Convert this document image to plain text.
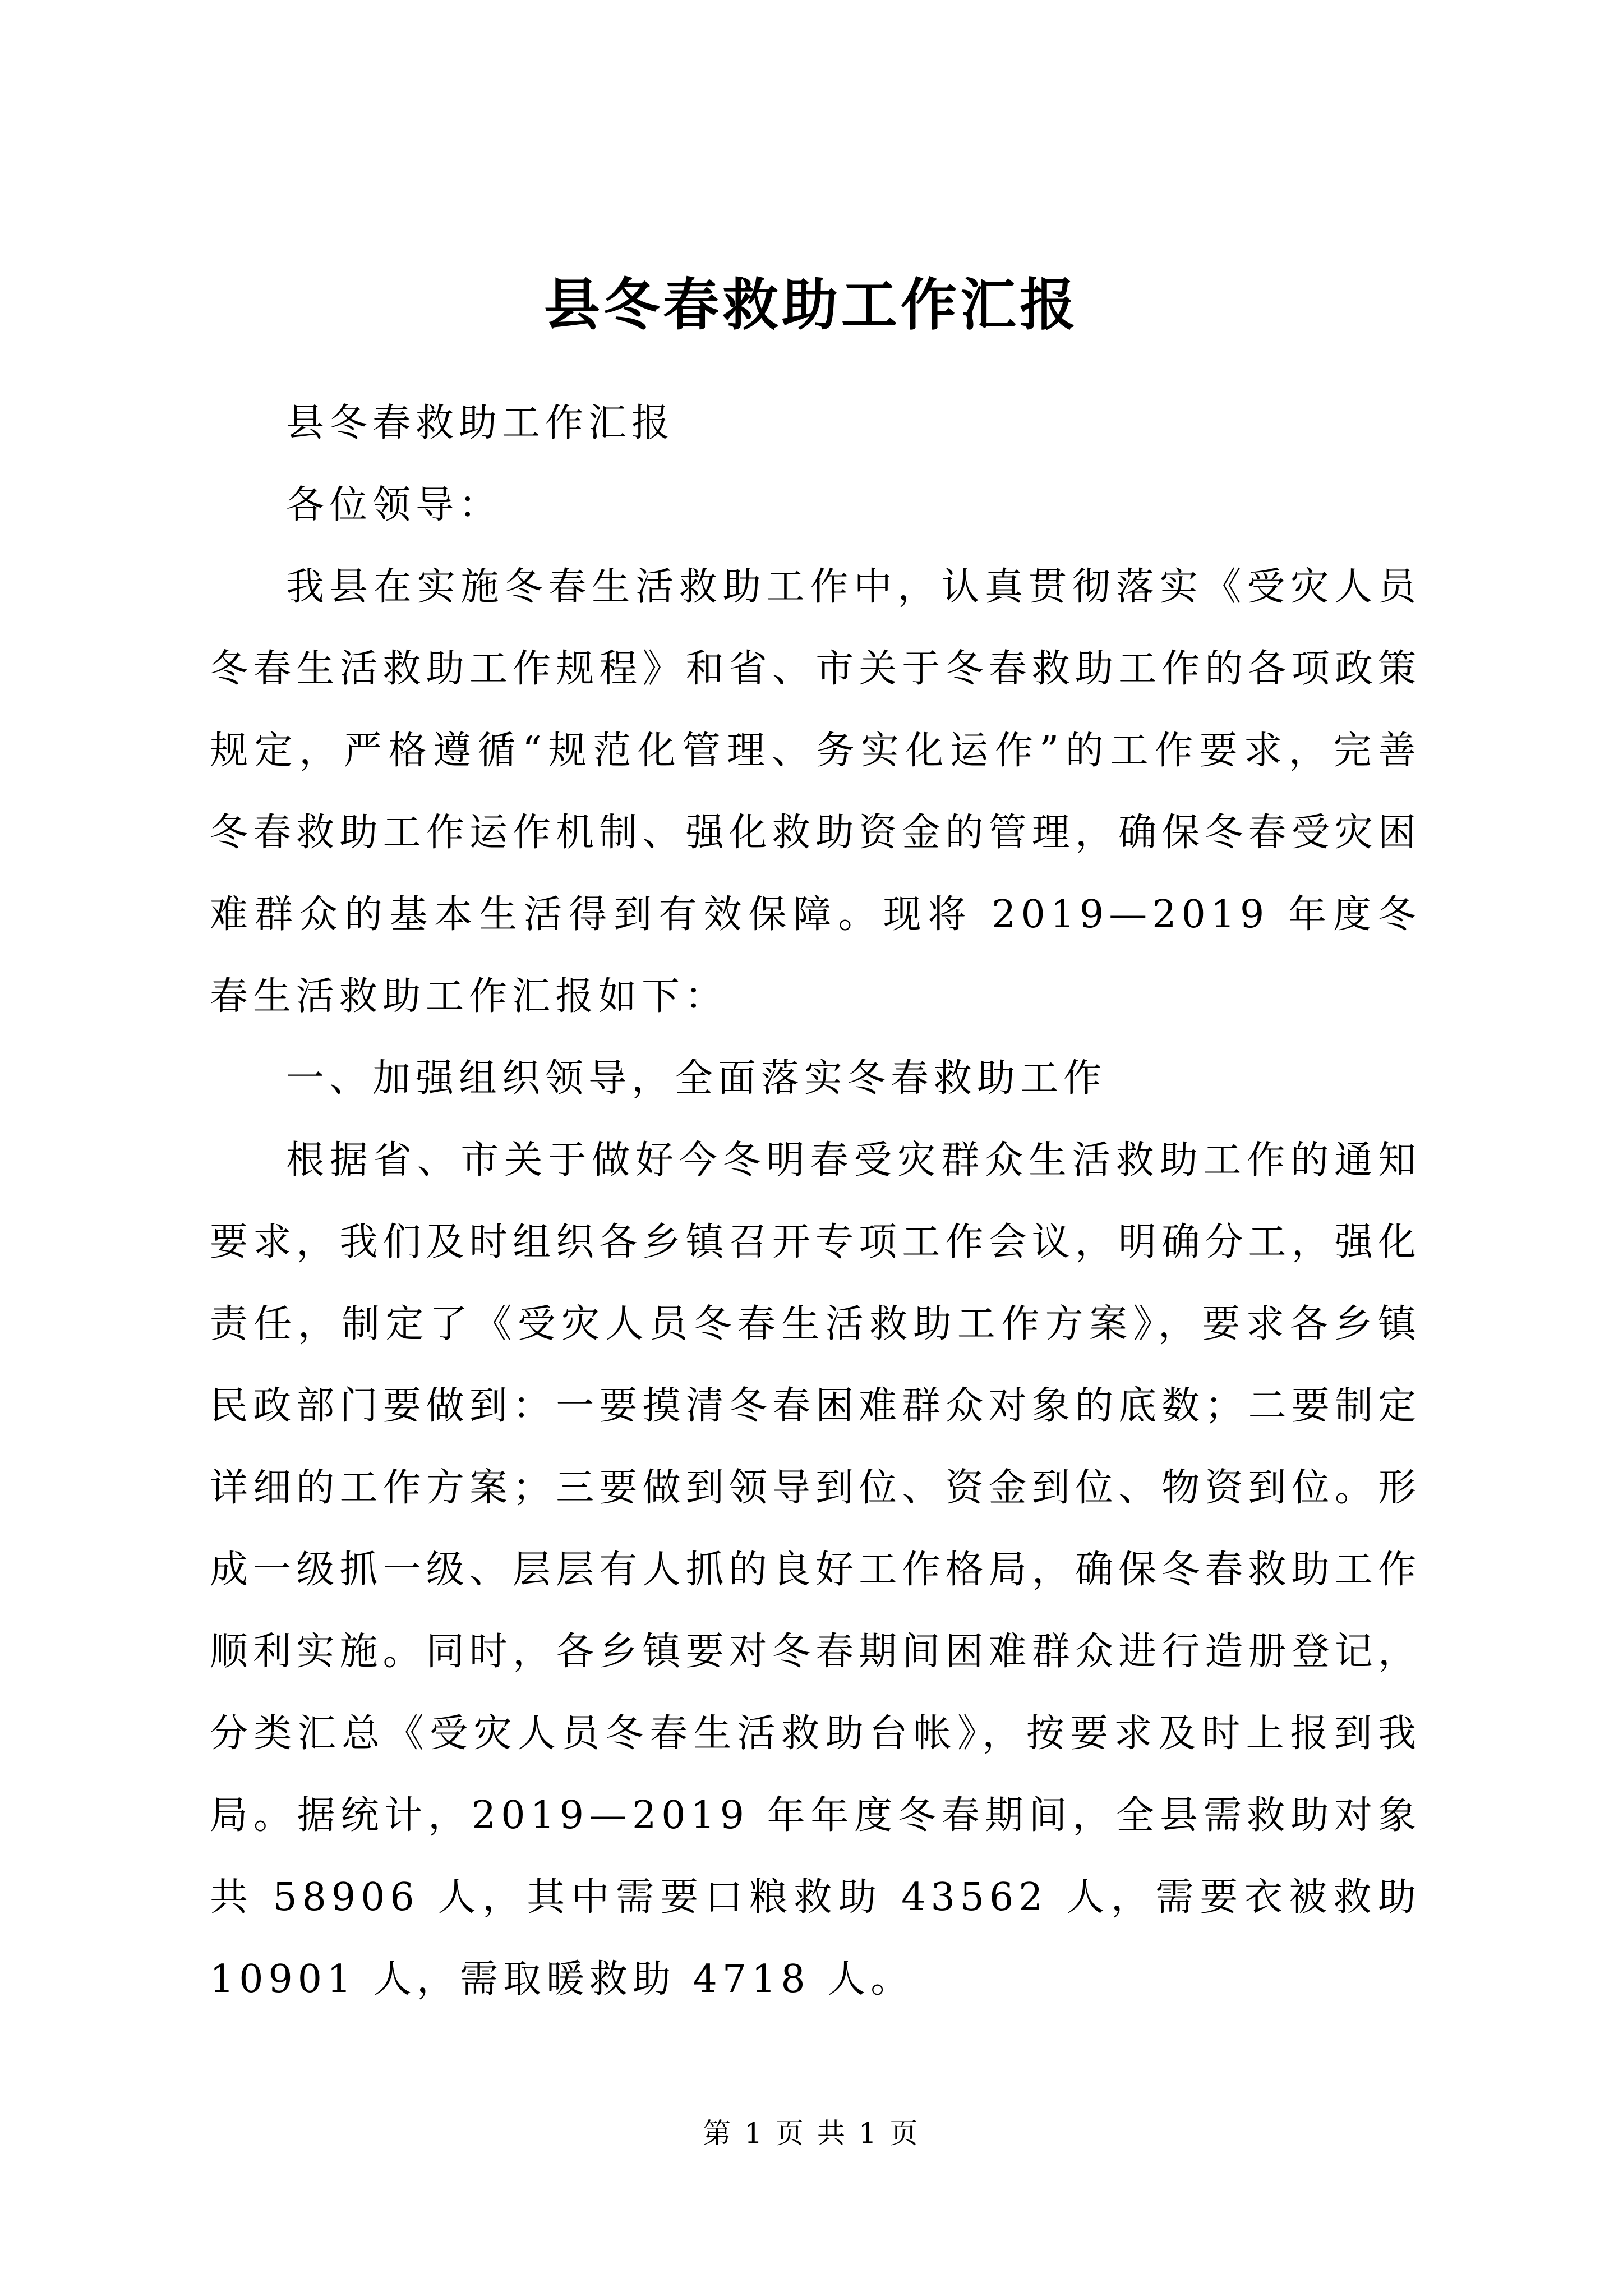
县冬春救助工作汇报

县冬春救助工作汇报

各位领导：

我县在实施冬春生活救助工作中，认真贯彻落实《受灾人员冬春生活救助工作规程》和省、市关于冬春救助工作的各项政策规定，严格遵循“规范化管理、务实化运作”的工作要求，完善冬春救助工作运作机制、强化救助资金的管理，确保冬春受灾困难群众的基本生活得到有效保障。现将 2019—2019 年度冬春生活救助工作汇报如下：

一、加强组织领导，全面落实冬春救助工作

根据省、市关于做好今冬明春受灾群众生活救助工作的通知要求，我们及时组织各乡镇召开专项工作会议，明确分工，强化责任，制定了《受灾人员冬春生活救助工作方案》，要求各乡镇民政部门要做到：一要摸清冬春困难群众对象的底数；二要制定详细的工作方案；三要做到领导到位、资金到位、物资到位。形成一级抓一级、层层有人抓的良好工作格局，确保冬春救助工作顺利实施。同时，各乡镇要对冬春期间困难群众进行造册登记，分类汇总《受灾人员冬春生活救助台帐》，按要求及时上报到我局。据统计，2019—2019 年年度冬春期间，全县需救助对象共 58906 人，其中需要口粮救助 43562 人，需要衣被救助 10901 人，需取暖救助 4718 人。

第 1 页 共 1 页
